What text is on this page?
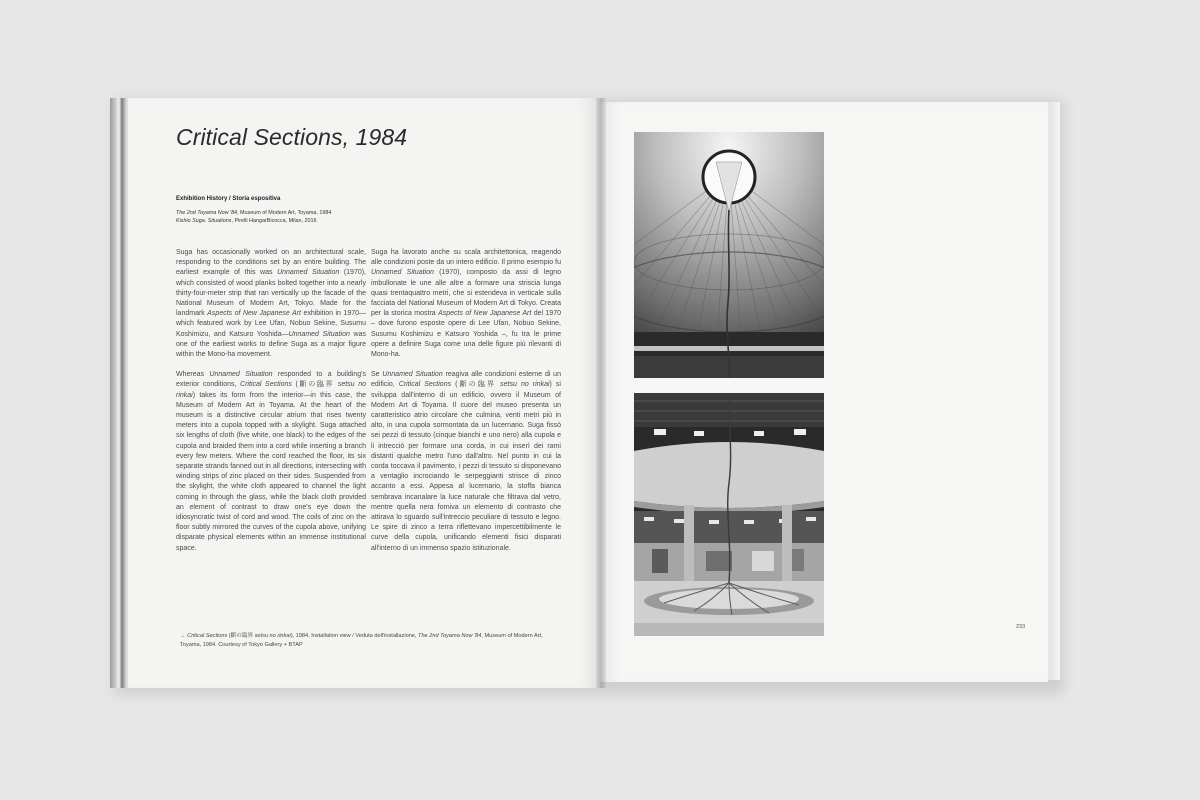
Critical Sections, 1984
Exhibition History / Storia espositiva
The 2nd Toyama Now '84, Museum of Modern Art, Toyama, 1984
Kishio Suga. Situations, Pirelli HangarBicocca, Milan, 2016

Suga has occasionally worked on an architectural scale, responding to the conditions set by an entire building. The earliest example of this was Unnamed Situation (1970), which consisted of wood planks bolted together into a nearly thirty-four-meter strip that ran vertically up the facade of the National Museum of Modern Art, Tokyo. Made for the landmark Aspects of New Japanese Art exhibition in 1970—which featured work by Lee Ufan, Nobuo Sekine, Susumu Koshimizu, and Katsuro Yoshida—Unnamed Situation was one of the earliest works to define Suga as a major figure within the Mono-ha movement.

Whereas Unnamed Situation responded to a building's exterior conditions, Critical Sections (斷の臨界 setsu no rinkai) takes its form from the interior—in this case, the Museum of Modern Art in Toyama. At the heart of the museum is a distinctive circular atrium that rises twenty meters into a cupola topped with a skylight. Suga attached six lengths of cloth (five white, one black) to the edges of the cupola and braided them into a cord while inserting a branch every few meters. Where the cord reached the floor, its six separate strands fanned out in all directions, intersecting with winding strips of zinc placed on their sides. Suspended from the skylight, the white cloth appeared to channel the light coming in through the glass, while the black cloth provided an element of contrast to draw one's eye down the idiosyncratic twist of cord and wood. The coils of zinc on the floor subtly mirrored the curves of the cupola above, unifying disparate physical elements within an immense institutional space.

Suga ha lavorato anche su scala architettonica, reagendo alle condizioni poste da un intero edificio. Il primo esempio fu Unnamed Situation (1970), composto da assi di legno imbullonate le une alle altre a formare una striscia lunga quasi trentaquattro metri, che si estendeva in verticale sulla facciata del National Museum of Modern Art di Tokyo. Creata per la storica mostra Aspects of New Japanese Art del 1970 – dove furono esposte opere di Lee Ufan, Nobuo Sekine, Susumu Koshimizu e Katsuro Yoshida –, fu tra le prime opere a definire Suga come una delle figure più rilevanti di Mono-ha.

Se Unnamed Situation reagiva alle condizioni esterne di un edificio, Critical Sections (斷の臨界 setsu no rinkai) si sviluppa dall'interno di un edificio, ovvero il Museum of Modern Art di Toyama. Il cuore del museo presenta un caratteristico atrio circolare che culmina, venti metri più in alto, in una cupola sormontata da un lucernario. Suga fissò sei pezzi di tessuto (cinque bianchi e uno nero) alla cupola e li intrecciò per formare una corda, in cui inserì dei rami distanti qualche metro l'uno dall'altro. Nel punto in cui la corda toccava il pavimento, i pezzi di tessuto si disponevano a ventaglio incrociando le serpeggianti strisce di zinco accanto a essi. Appesa al lucernario, la stoffa bianca sembrava incanalare la luce naturale che filtrava dal vetro, mentre quella nera forniva un elemento di contrasto che attirava lo sguardo sull'intreccio peculiare di tessuto e legno. Le spire di zinco a terra riflettevano impercettibilmente le curve della cupola, unificando elementi fisici disparati all'interno di un immenso spazio istituzionale.

→ Critical Sections (斷の臨界 setsu no rinkai), 1984. Installation view / Veduta dell'installazione, The 2nd Toyama Now '84, Museum of Modern Art, Toyama, 1984. Courtesy of Tokyo Gallery + BTAP
233
